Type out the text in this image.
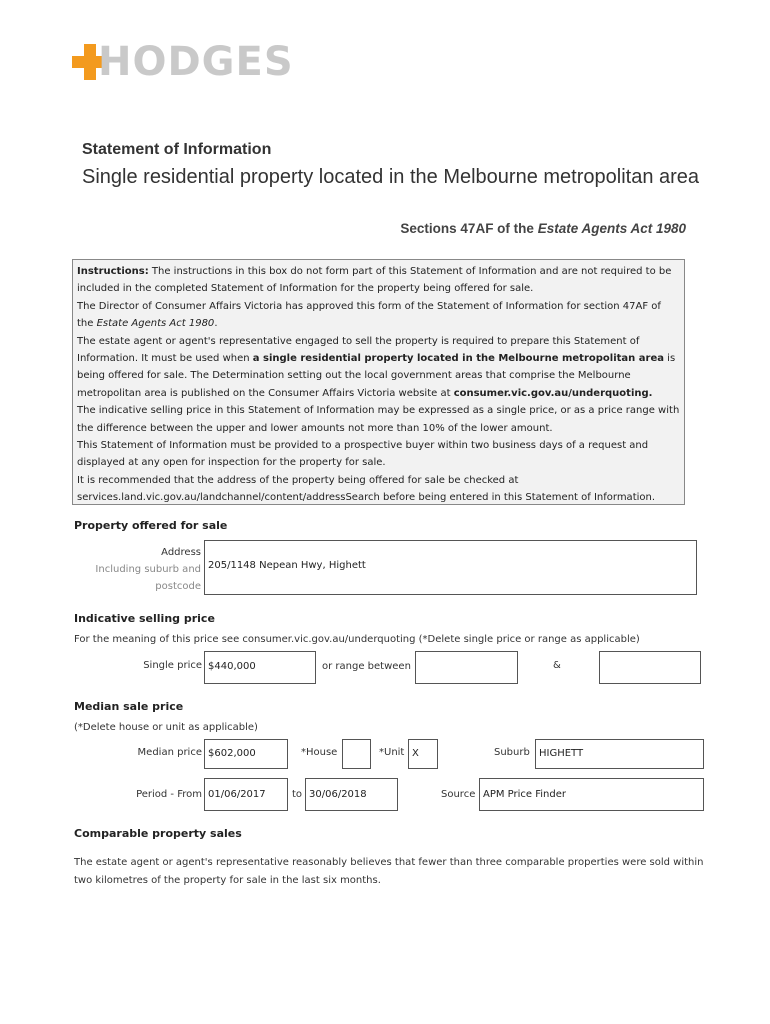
HODGES
Statement of Information
Single residential property located in the Melbourne metropolitan area
Sections 47AF of the Estate Agents Act 1980

Instructions: The instructions in this box do not form part of this Statement of Information and are not required to be included in the completed Statement of Information for the property being offered for sale.

The Director of Consumer Affairs Victoria has approved this form of the Statement of Information for section 47AF of the Estate Agents Act 1980.

The estate agent or agent's representative engaged to sell the property is required to prepare this Statement of Information. It must be used when a single residential property located in the Melbourne metropolitan area is being offered for sale. The Determination setting out the local government areas that comprise the Melbourne metropolitan area is published on the Consumer Affairs Victoria website at consumer.vic.gov.au/underquoting.

The indicative selling price in this Statement of Information may be expressed as a single price, or as a price range with the difference between the upper and lower amounts not more than 10% of the lower amount.

This Statement of Information must be provided to a prospective buyer within two business days of a request and displayed at any open for inspection for the property for sale.

It is recommended that the address of the property being offered for sale be checked at services.land.vic.gov.au/landchannel/content/addressSearch before being entered in this Statement of Information.

Property offered for sale
Address
Including suburb and
postcode
205/1148 Nepean Hwy, Highett
Indicative selling price
For the meaning of this price see consumer.vic.gov.au/underquoting (*Delete single price or range as applicable)
Single price $440,000	or range between	&
Median sale price
(*Delete house or unit as applicable)
Median price $602,000	*House	*Unit X	Suburb HIGHETT
Period - From 01/06/2017	to 30/06/2018	Source APM Price Finder
Comparable property sales
The estate agent or agent's representative reasonably believes that fewer than three comparable properties were sold within two kilometres of the property for sale in the last six months.
